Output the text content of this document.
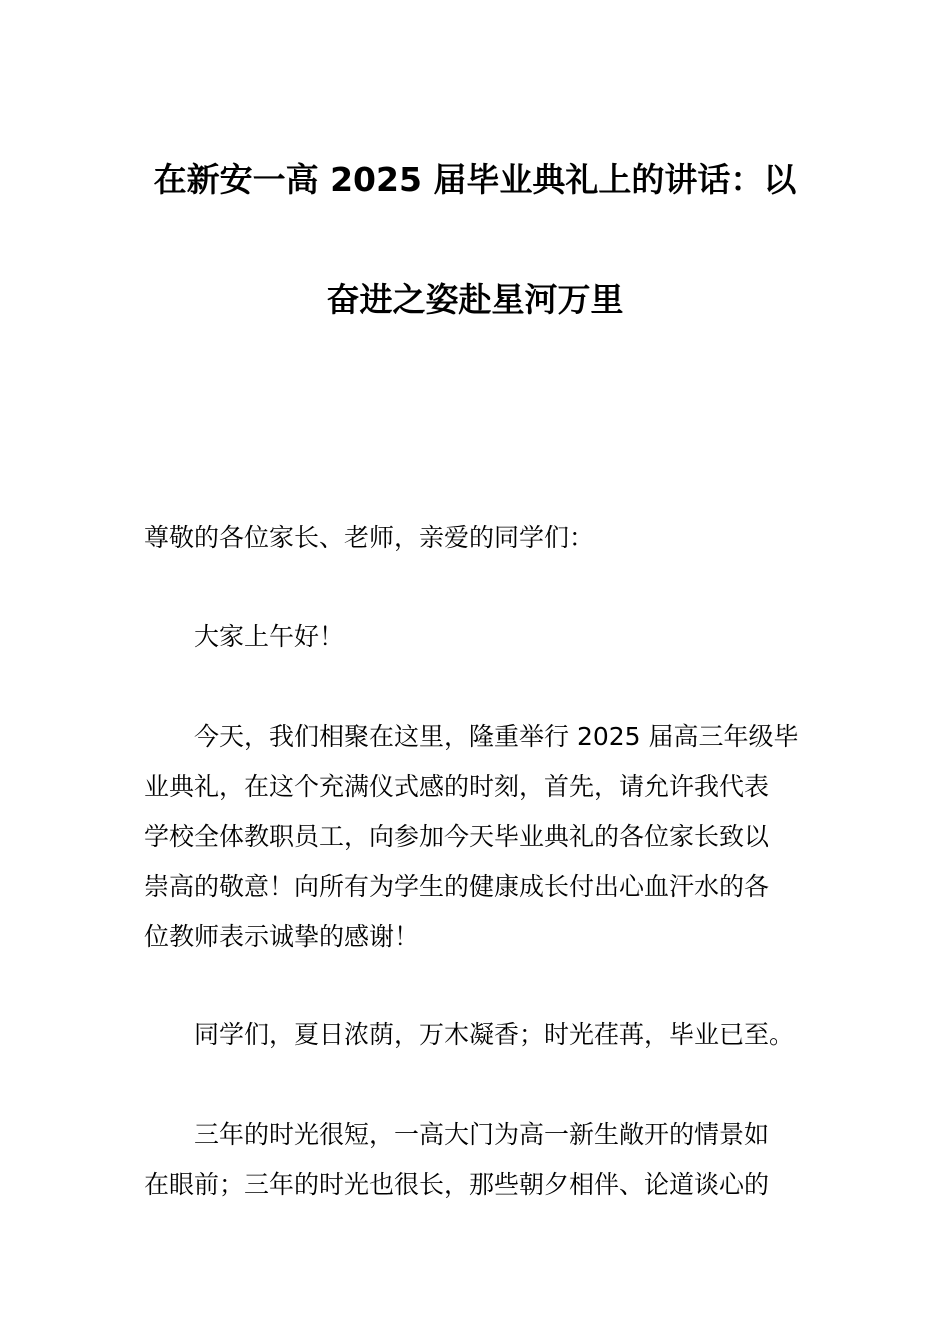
在新安一高 2025 届毕业典礼上的讲话：以
奋进之姿赴星河万里
尊敬的各位家长、老师，亲爱的同学们：
大家上午好！
今天，我们相聚在这里，隆重举行 2025 届高三年级毕
业典礼，在这个充满仪式感的时刻，首先，请允许我代表
学校全体教职员工，向参加今天毕业典礼的各位家长致以
崇高的敬意！向所有为学生的健康成长付出心血汗水的各
位教师表示诚挚的感谢！
同学们，夏日浓荫，万木凝香；时光荏苒，毕业已至。
三年的时光很短，一高大门为高一新生敞开的情景如
在眼前；三年的时光也很长，那些朝夕相伴、论道谈心的
